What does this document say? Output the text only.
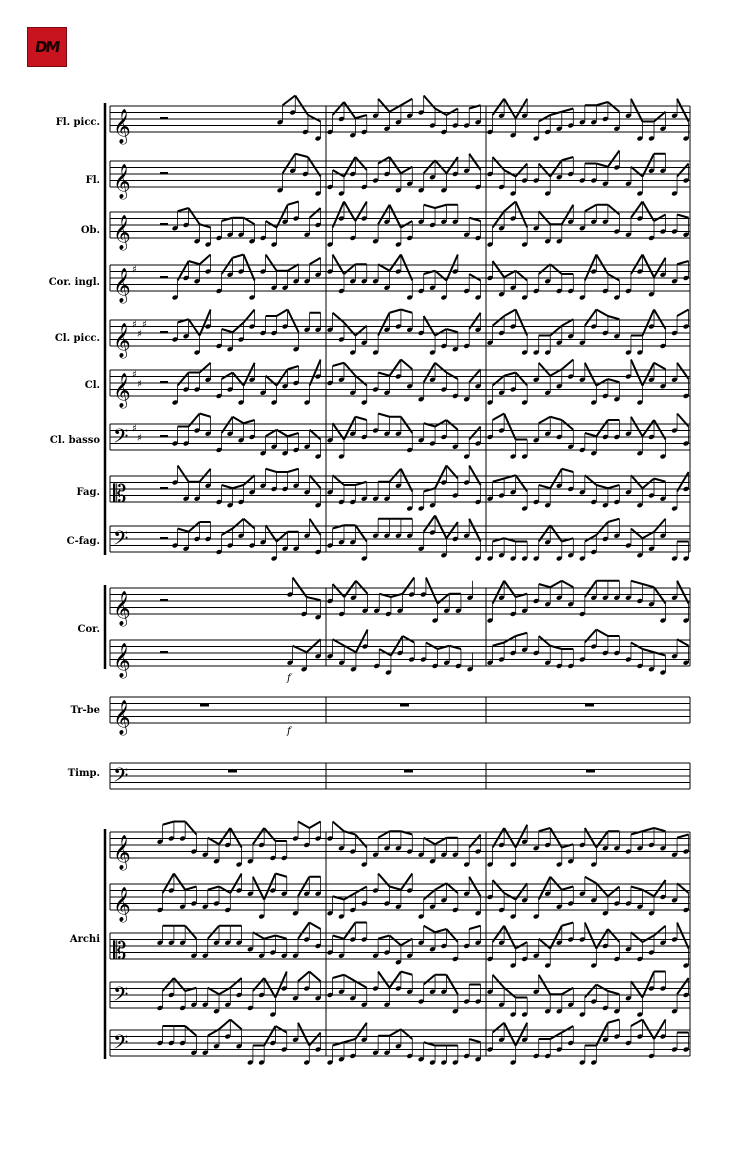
DM
Fl. picc.
Fl.
Ob.
Cor. ingl.
Cl. picc.
Cl.
Cl. basso
Fag.
C-fag.
Cor.
Tr-be
Timp.
Archi
𝄞
𝄞
𝄞
𝄞 ♯
𝄞 ♯
♯
♯
𝄞 ♯
♯
𝄢 ♯
♯
𝄡
𝄢
𝄞
𝄞
𝄞
𝄢
𝄞
𝄞
𝄡
𝄢
𝄢
f
f
